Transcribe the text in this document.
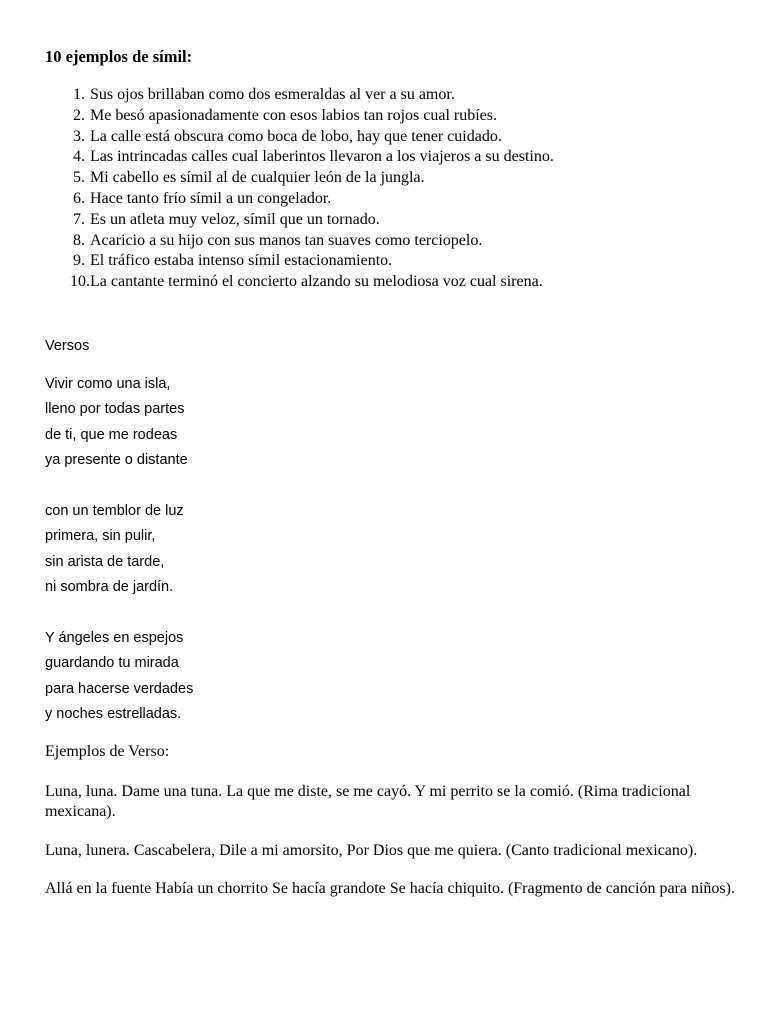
10 ejemplos de símil:
1. Sus ojos brillaban como dos esmeraldas al ver a su amor.
2. Me besó apasionadamente con esos labios tan rojos cual rubíes.
3. La calle está obscura como boca de lobo, hay que tener cuidado.
4. Las intrincadas calles cual laberintos llevaron a los viajeros a su destino.
5. Mi cabello es símil al de cualquier león de la jungla.
6. Hace tanto frío símil a un congelador.
7. Es un atleta muy veloz, símil que un tornado.
8. Acaricio a su hijo con sus manos tan suaves como terciopelo.
9. El tráfico estaba intenso símil estacionamiento.
10. La cantante terminó el concierto alzando su melodiosa voz cual sirena.
Versos
Vivir como una isla,
lleno por todas partes
de ti, que me rodeas
ya presente o distante
con un temblor de luz
primera, sin pulir,
sin arista de tarde,
ni sombra de jardín.
Y ángeles en espejos
guardando tu mirada
para hacerse verdades
y noches estrelladas.
Ejemplos de Verso:

Luna, luna. Dame una tuna. La que me diste, se me cayó. Y mi perrito se la comió. (Rima tradicional mexicana).

Luna, lunera. Cascabelera, Dile a mi amorsito, Por Dios que me quiera. (Canto tradicional mexicano).

Allá en la fuente Había un chorrito Se hacía grandote Se hacía chiquito. (Fragmento de canción para niños).
